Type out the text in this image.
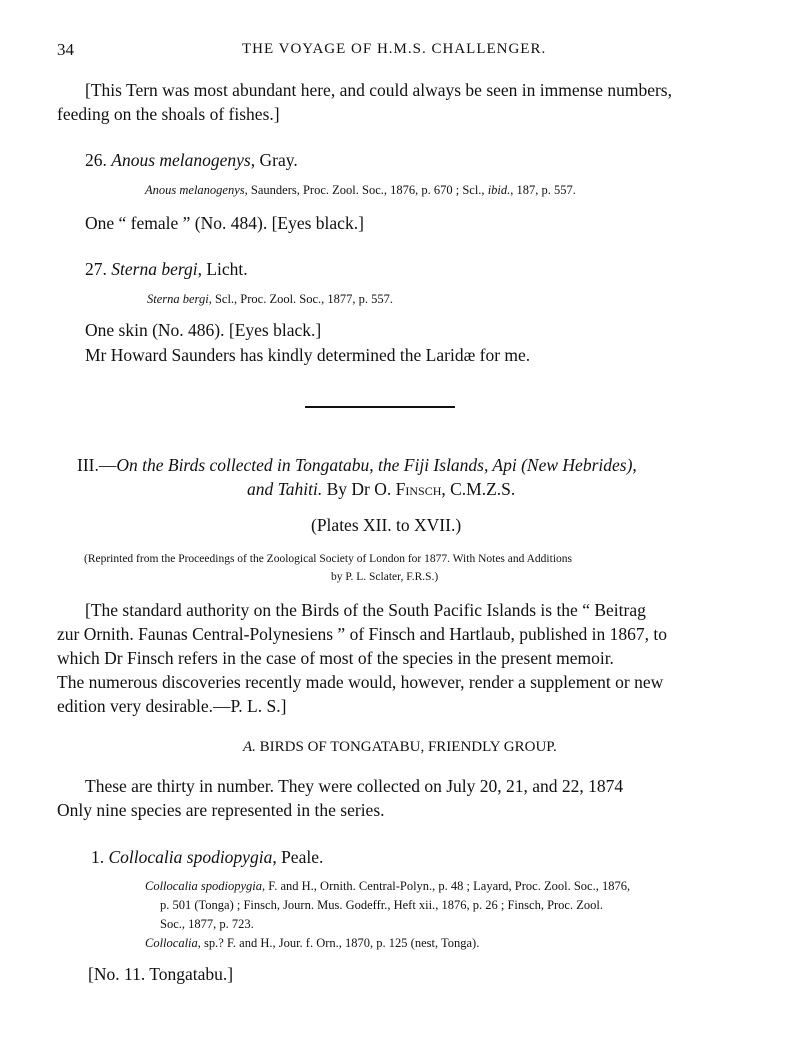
34	THE VOYAGE OF H.M.S. CHALLENGER.
[This Tern was most abundant here, and could always be seen in immense numbers,
feeding on the shoals of fishes.]
26. Anous melanogenys, Gray.
Anous melanogenys, Saunders, Proc. Zool. Soc., 1876, p. 670 ; Scl., ibid., 187, p. 557.
One “ female ” (No. 484). [Eyes black.]
27. Sterna bergi, Licht.
Sterna bergi, Scl., Proc. Zool. Soc., 1877, p. 557.
One skin (No. 486). [Eyes black.]
Mr Howard Saunders has kindly determined the Laridæ for me.
III.—On the Birds collected in Tongatabu, the Fiji Islands, Api (New Hebrides),
and Tahiti. By Dr O. Finsch, C.M.Z.S.
(Plates XII. to XVII.)
(Reprinted from the Proceedings of the Zoological Society of London for 1877. With Notes and Additions
by P. L. Sclater, F.R.S.)
[The standard authority on the Birds of the South Pacific Islands is the “ Beitrag
zur Ornith. Faunas Central-Polynesiens ” of Finsch and Hartlaub, published in 1867, to
which Dr Finsch refers in the case of most of the species in the present memoir.
The numerous discoveries recently made would, however, render a supplement or new
edition very desirable.—P. L. S.]
A. BIRDS OF TONGATABU, FRIENDLY GROUP.
These are thirty in number. They were collected on July 20, 21, and 22, 1874
Only nine species are represented in the series.
1. Collocalia spodiopygia, Peale.
Collocalia spodiopygia, F. and H., Ornith. Central-Polyn., p. 48 ; Layard, Proc. Zool. Soc., 1876,
p. 501 (Tonga) ; Finsch, Journ. Mus. Godeffr., Heft xii., 1876, p. 26 ; Finsch, Proc. Zool.
Soc., 1877, p. 723.
Collocalia, sp.? F. and H., Jour. f. Orn., 1870, p. 125 (nest, Tonga).
[No. 11. Tongatabu.]
